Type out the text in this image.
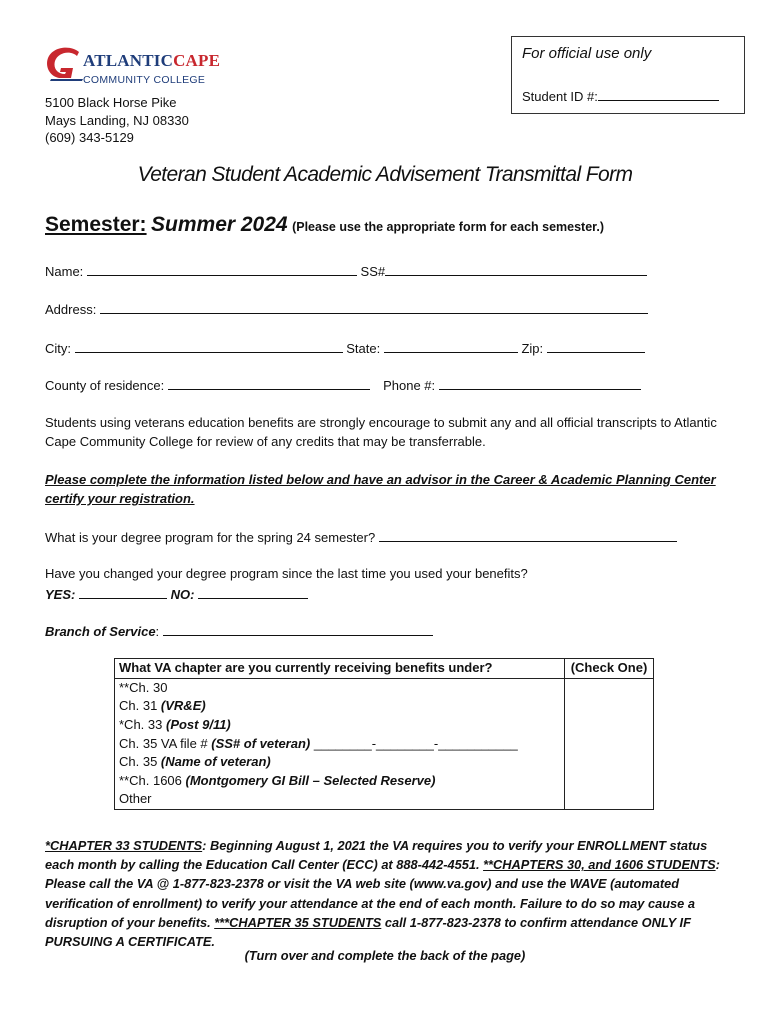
ATLANTICCAPE
COMMUNITY COLLEGE
5100 Black Horse Pike
Mays Landing, NJ 08330
(609) 343-5129
For official use only
Student ID #:
Veteran Student Academic Advisement Transmittal Form
Semester: Summer 2024 (Please use the appropriate form for each semester.)
Name:	SS#
Address:
City:	State:	Zip:
County of residence:	Phone #:
Students using veterans education benefits are strongly encourage to submit any and all official transcripts to Atlantic Cape Community College for review of any credits that may be transferrable.
Please complete the information listed below and have an advisor in the Career & Academic Planning Center certify your registration.
What is your degree program for the spring 24 semester?
Have you changed your degree program since the last time you used your benefits?
YES:	NO:
Branch of Service:
What VA chapter are you currently receiving benefits under?	(Check One)
**Ch. 30	
Ch. 31 (VR&E)	
*Ch. 33 (Post 9/11)	
Ch. 35 VA file # (SS# of veteran) ________-________-___________	
Ch. 35 (Name of veteran)	
**Ch. 1606 (Montgomery GI Bill – Selected Reserve)	
Other	
*CHAPTER 33 STUDENTS: Beginning August 1, 2021 the VA requires you to verify your ENROLLMENT status each month by calling the Education Call Center (ECC) at 888-442-4551. **CHAPTERS 30, and 1606 STUDENTS: Please call the VA @ 1-877-823-2378 or visit the VA web site (www.va.gov) and use the WAVE (automated verification of enrollment) to verify your attendance at the end of each month. Failure to do so may cause a disruption of your benefits. ***CHAPTER 35 STUDENTS call 1-877-823-2378 to confirm attendance ONLY IF PURSUING A CERTIFICATE.
(Turn over and complete the back of the page)
